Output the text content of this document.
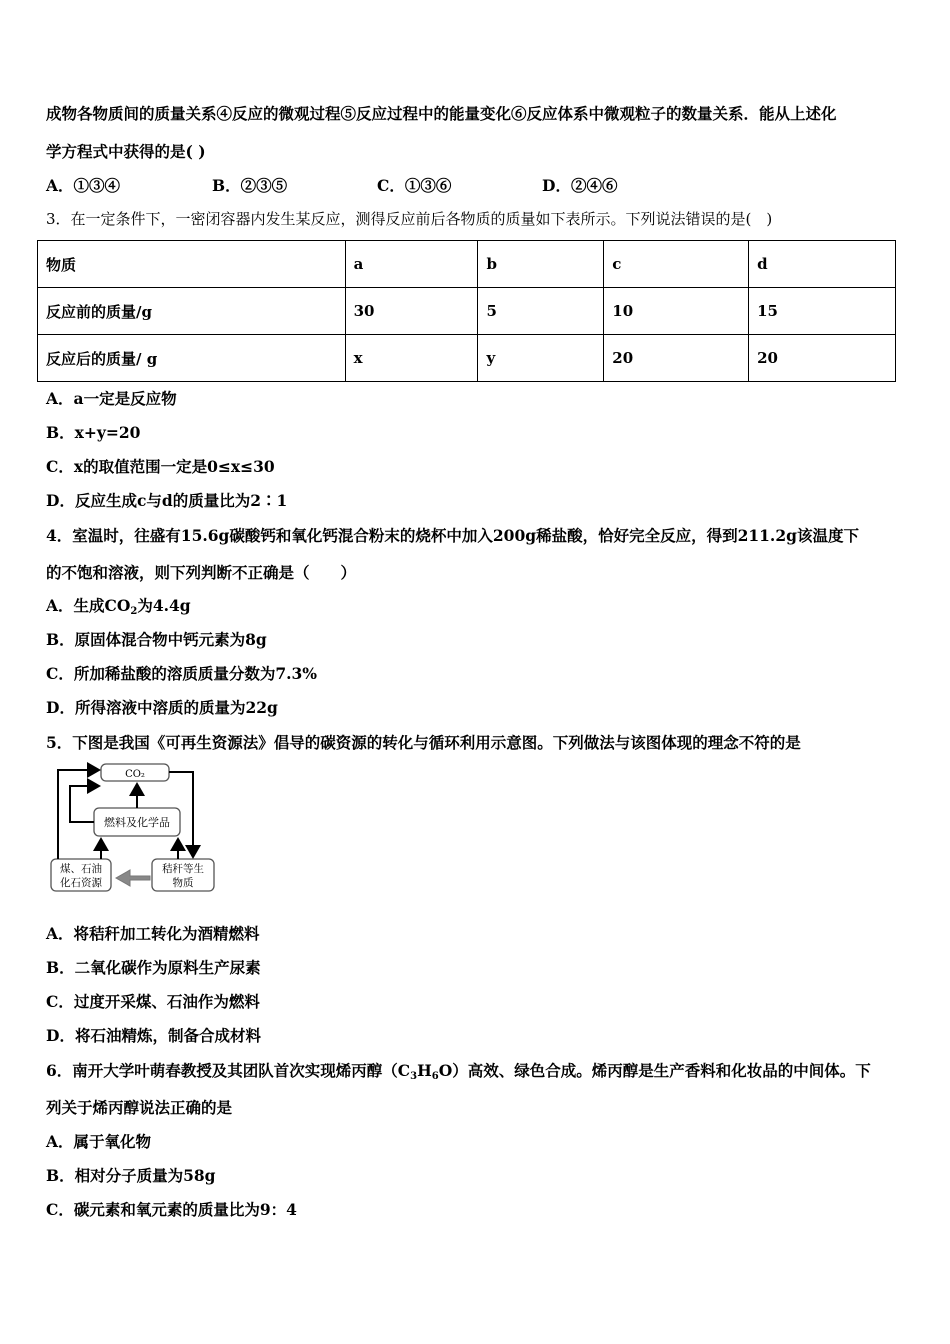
成物各物质间的质量关系④反应的微观过程⑤反应过程中的能量变化⑥反应体系中微观粒子的数量关系．能从上述化
学方程式中获得的是( )
A．①③④	B．②③⑤	C．①③⑥	D．②④⑥
3．在一定条件下，一密闭容器内发生某反应，测得反应前后各物质的质量如下表所示。下列说法错误的是(　)
物质	a	b	c	d
反应前的质量/g	30	5	10	15
反应后的质量/ g	x	y	20	20
A．a一定是反应物
B．x+y=20
C．x的取值范围一定是0≤x≤30
D．反应生成c与d的质量比为2∶1
4．室温时，往盛有15.6g碳酸钙和氧化钙混合粉末的烧杯中加入200g稀盐酸，恰好完全反应，得到211.2g该温度下
的不饱和溶液，则下列判断不正确是（　　）
A．生成$CO_2$为4.4g
B．原固体混合物中钙元素为8g
C．所加稀盐酸的溶质质量分数为7.3%
D．所得溶液中溶质的质量为22g
5．下图是我国《可再生资源法》倡导的碳资源的转化与循环利用示意图。下列做法与该图体现的理念不符的是
CO₂
燃料及化学品
煤、石油
化石资源
秸秆等生
物质
A．将秸秆加工转化为酒精燃料
B．二氧化碳作为原料生产尿素
C．过度开采煤、石油作为燃料
D．将石油精炼，制备合成材料
6．南开大学叶萌春教授及其团队首次实现烯丙醇$(C_3H_6O)$高效、绿色合成。烯丙醇是生产香料和化妆品的中间体。下
列关于烯丙醇说法正确的是
A．属于氧化物
B．相对分子质量为58g
C．碳元素和氧元素的质量比为9：4
